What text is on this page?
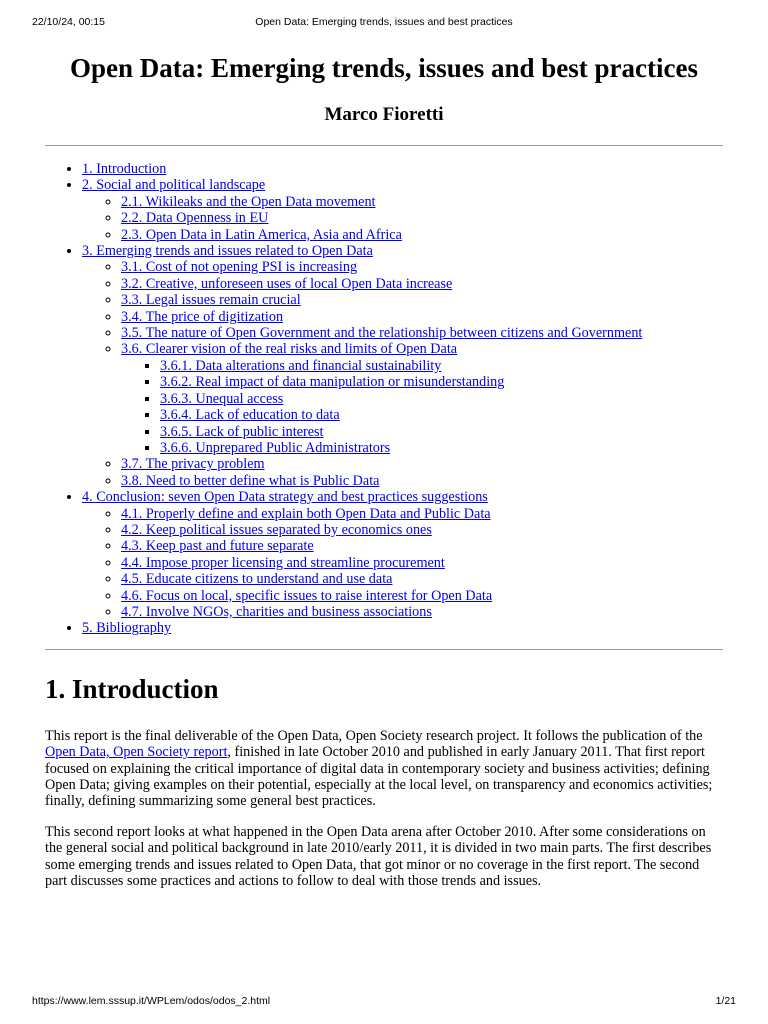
22/10/24, 00:15	Open Data: Emerging trends, issues and best practices
Open Data: Emerging trends, issues and best practices
Marco Fioretti
• 1. Introduction
• 2. Social and political landscape
◦ 2.1. Wikileaks and the Open Data movement
◦ 2.2. Data Openness in EU
◦ 2.3. Open Data in Latin America, Asia and Africa
• 3. Emerging trends and issues related to Open Data
◦ 3.1. Cost of not opening PSI is increasing
◦ 3.2. Creative, unforeseen uses of local Open Data increase
◦ 3.3. Legal issues remain crucial
◦ 3.4. The price of digitization
◦ 3.5. The nature of Open Government and the relationship between citizens and Government
◦ 3.6. Clearer vision of the real risks and limits of Open Data
▪ 3.6.1. Data alterations and financial sustainability
▪ 3.6.2. Real impact of data manipulation or misunderstanding
▪ 3.6.3. Unequal access
▪ 3.6.4. Lack of education to data
▪ 3.6.5. Lack of public interest
▪ 3.6.6. Unprepared Public Administrators
◦ 3.7. The privacy problem
◦ 3.8. Need to better define what is Public Data
• 4. Conclusion: seven Open Data strategy and best practices suggestions
◦ 4.1. Properly define and explain both Open Data and Public Data
◦ 4.2. Keep political issues separated by economics ones
◦ 4.3. Keep past and future separate
◦ 4.4. Impose proper licensing and streamline procurement
◦ 4.5. Educate citizens to understand and use data
◦ 4.6. Focus on local, specific issues to raise interest for Open Data
◦ 4.7. Involve NGOs, charities and business associations
• 5. Bibliography
1. Introduction

This report is the final deliverable of the Open Data, Open Society research project. It follows the publication of the Open Data, Open Society report, finished in late October 2010 and published in early January 2011. That first report focused on explaining the critical importance of digital data in contemporary society and business activities; defining Open Data; giving examples on their potential, especially at the local level, on transparency and economics activities; finally, defining summarizing some general best practices.

This second report looks at what happened in the Open Data arena after October 2010. After some considerations on the general social and political background in late 2010/early 2011, it is divided in two main parts. The first describes some emerging trends and issues related to Open Data, that got minor or no coverage in the first report. The second part discusses some practices and actions to follow to deal with those trends and issues.

https://www.lem.sssup.it/WPLem/odos/odos_2.html	1/21
